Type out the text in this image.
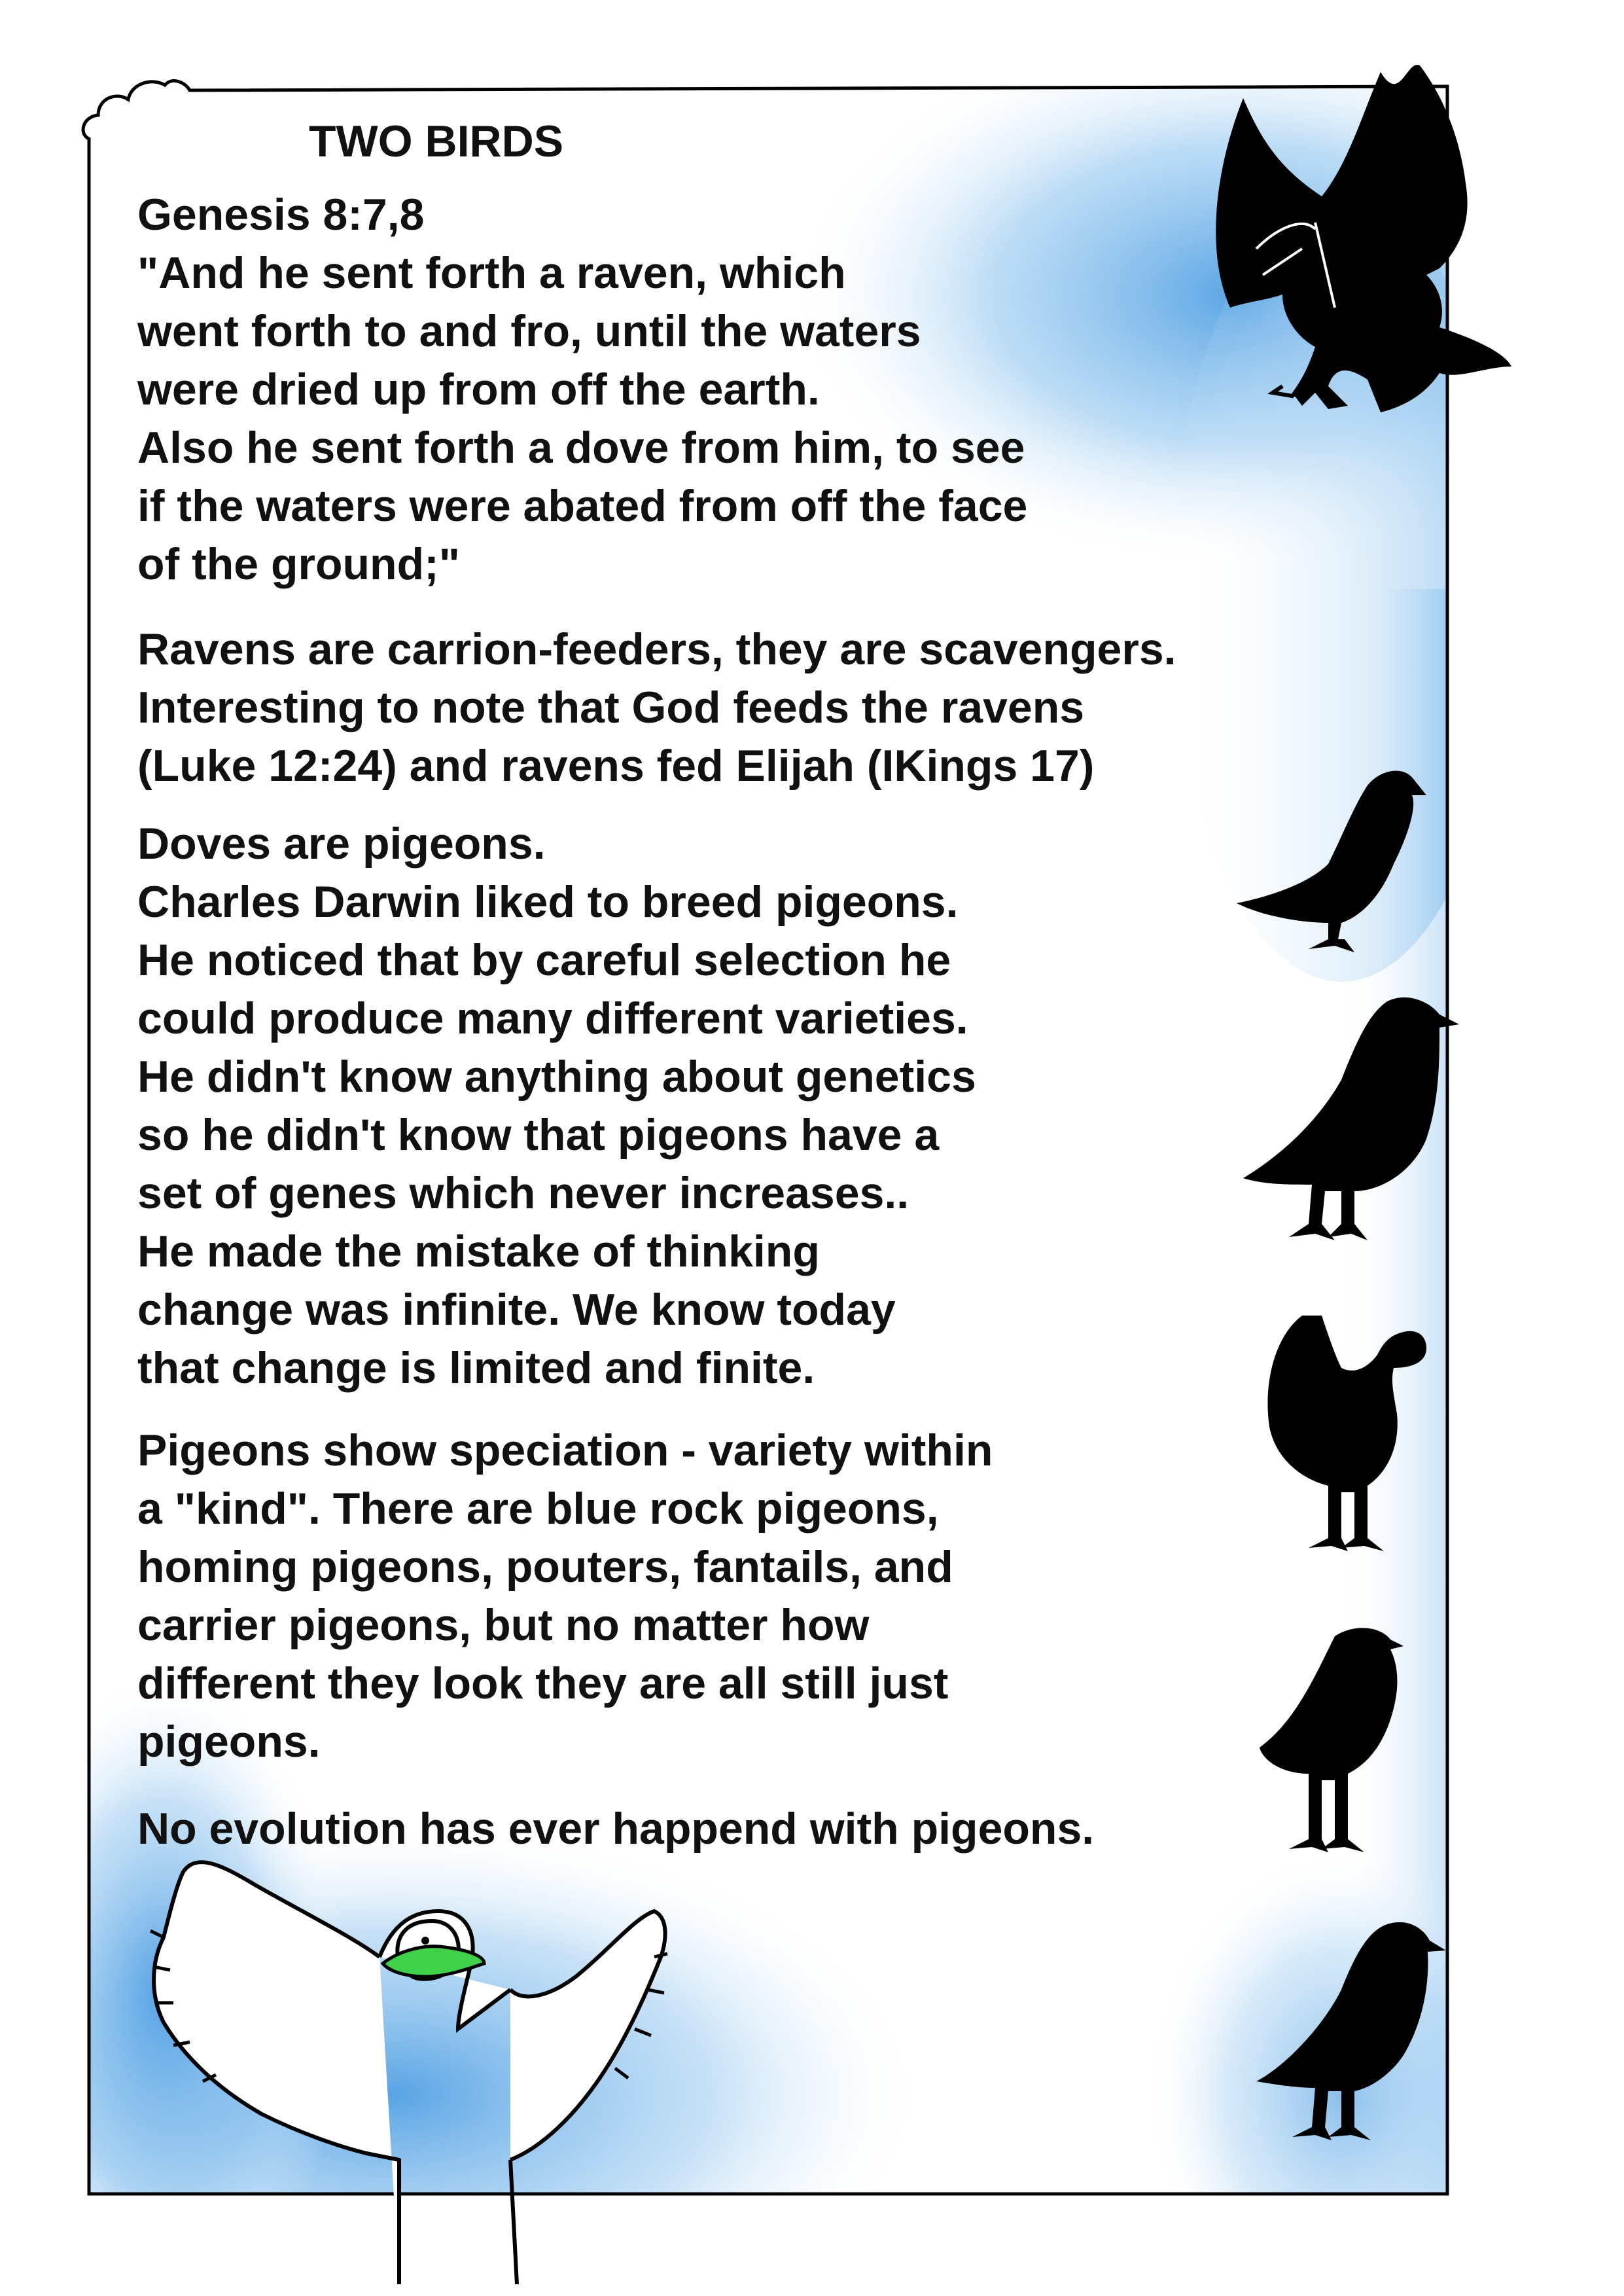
TWO BIRDS
Genesis 8:7,8
"And he sent forth a raven, which
went forth to and fro, until the waters
were dried up from off the earth.
Also he sent forth a dove from him, to see
if the waters were abated from off the face
of the ground;"
Ravens are carrion-feeders, they are scavengers.
Interesting to note that God feeds the ravens
(Luke 12:24) and ravens fed Elijah (IKings 17)
Doves are pigeons.
Charles Darwin liked to breed pigeons.
He noticed that by careful selection he
could produce many different varieties.
He didn't know anything about genetics
so he didn't know that pigeons have a
set of genes which never increases..
He made the mistake of thinking
change was infinite. We know today
that change is limited and finite.
Pigeons show speciation - variety within
a "kind". There are blue rock pigeons,
homing pigeons, pouters, fantails, and
carrier pigeons, but no matter how
different they look they are all still just
pigeons.
No evolution has ever happend with pigeons.
